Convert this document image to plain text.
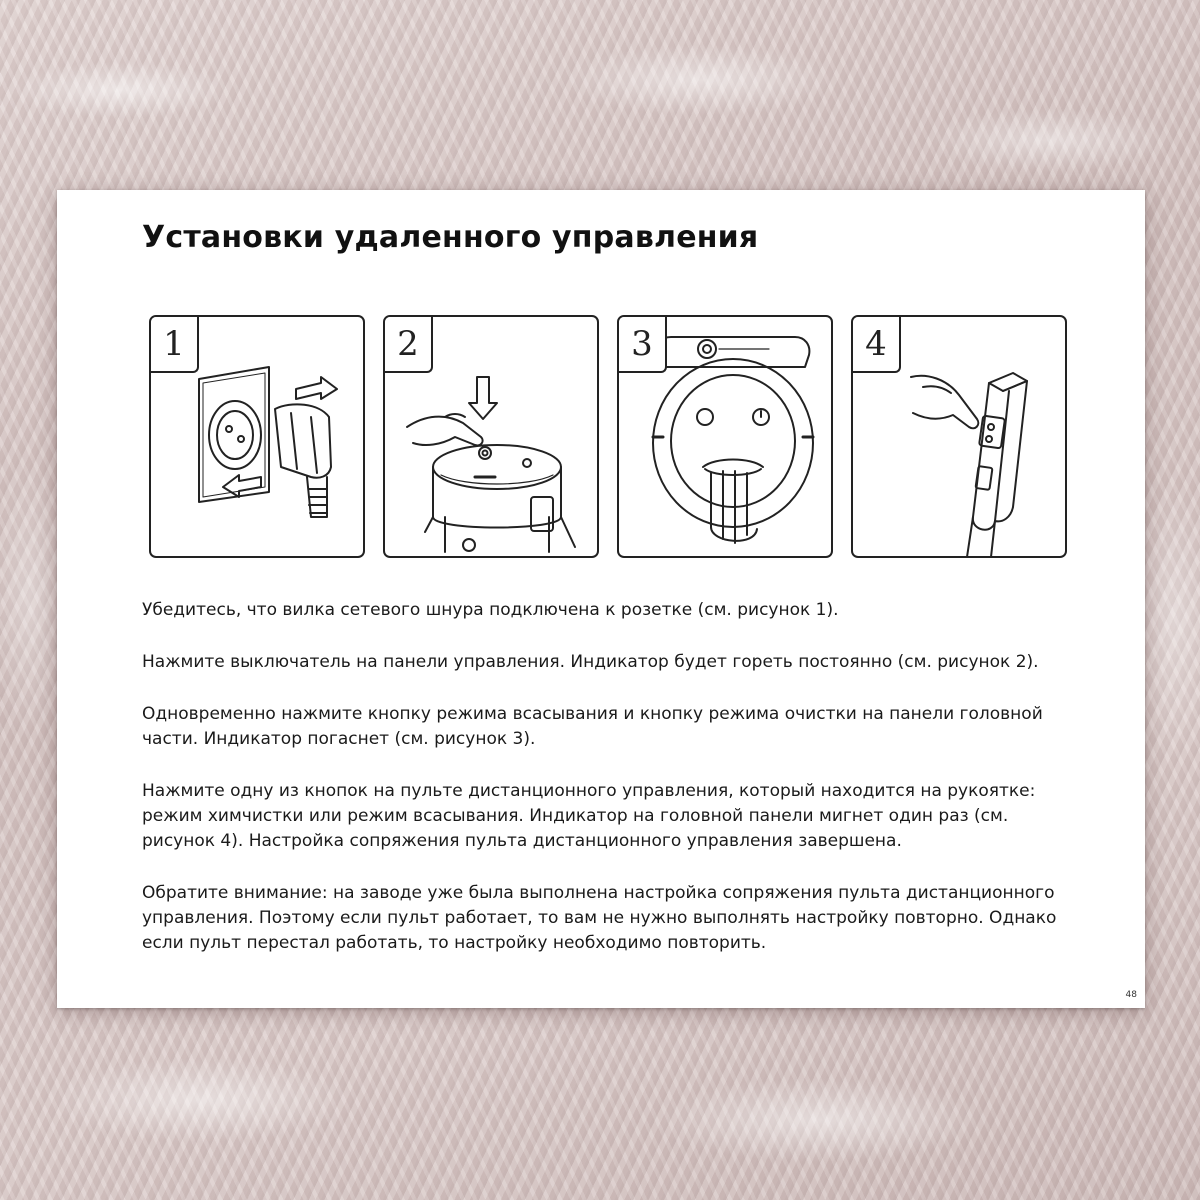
Установки удаленного управления
1	2	3	4

Убедитесь, что вилка сетевого шнура подключена к розетке (см. рисунок 1).

Нажмите выключатель на панели управления. Индикатор будет гореть постоянно (см. рисунок 2).

Одновременно нажмите кнопку режима всасывания и кнопку режима очистки на панели головной части. Индикатор погаснет (см. рисунок 3).

Нажмите одну из кнопок на пульте дистанционного управления, который находится на рукоятке: режим химчистки или режим всасывания. Индикатор на головной панели мигнет один раз (см. рисунок 4). Настройка сопряжения пульта дистанционного управления завершена.

Обратите внимание: на заводе уже была выполнена настройка сопряжения пульта дистанционного управления. Поэтому если пульт работает, то вам не нужно выполнять настройку повторно. Однако если пульт перестал работать, то настройку необходимо повторить.

48
